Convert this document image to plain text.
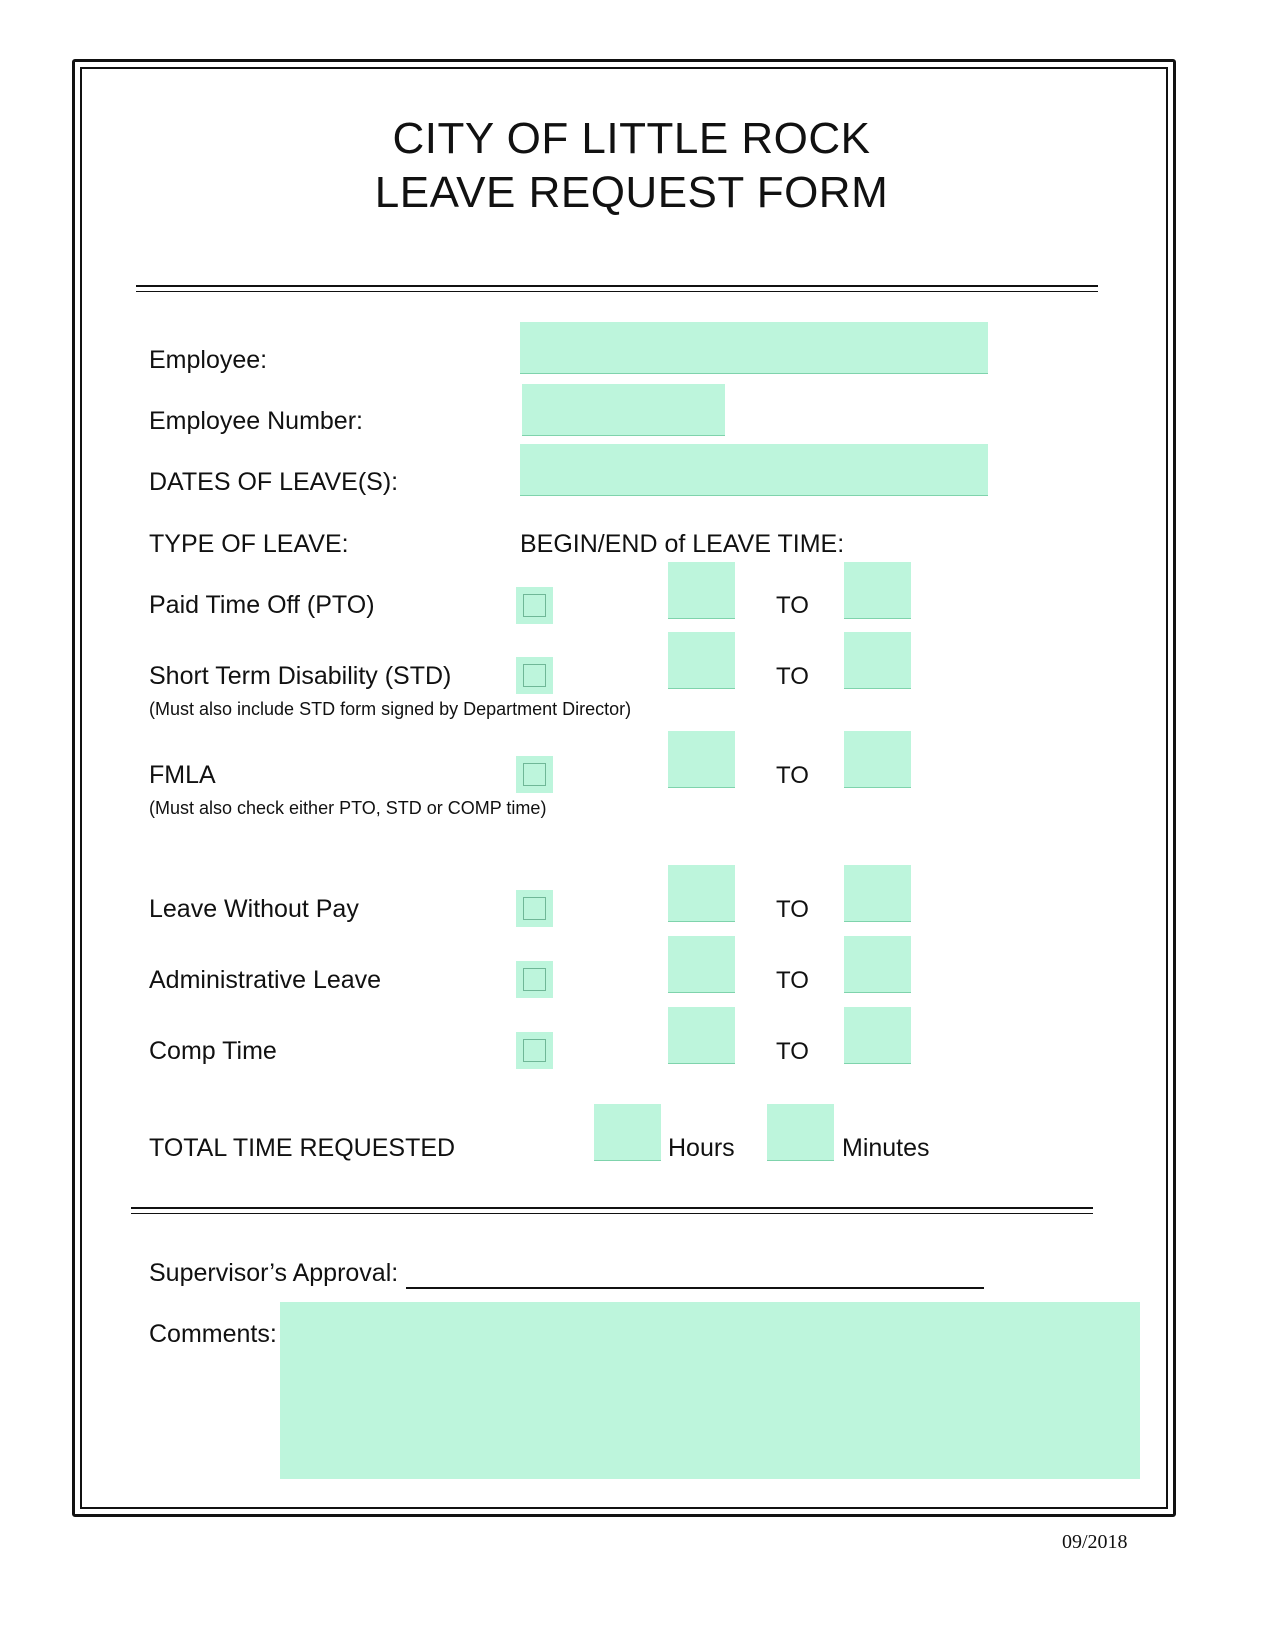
CITY OF LITTLE ROCK
LEAVE REQUEST FORM
Employee:
Employee Number:
DATES OF LEAVE(S):
TYPE OF LEAVE:	BEGIN/END of LEAVE TIME:
Paid Time Off (PTO)	TO
Short Term Disability (STD)
(Must also include STD form signed by Department Director)
TO
FMLA
(Must also check either PTO, STD or COMP time)
TO
Leave Without Pay	TO
Administrative Leave	TO
Comp Time	TO
TOTAL TIME REQUESTED	Hours	Minutes
Supervisor’s Approval:
Comments:
09/2018
